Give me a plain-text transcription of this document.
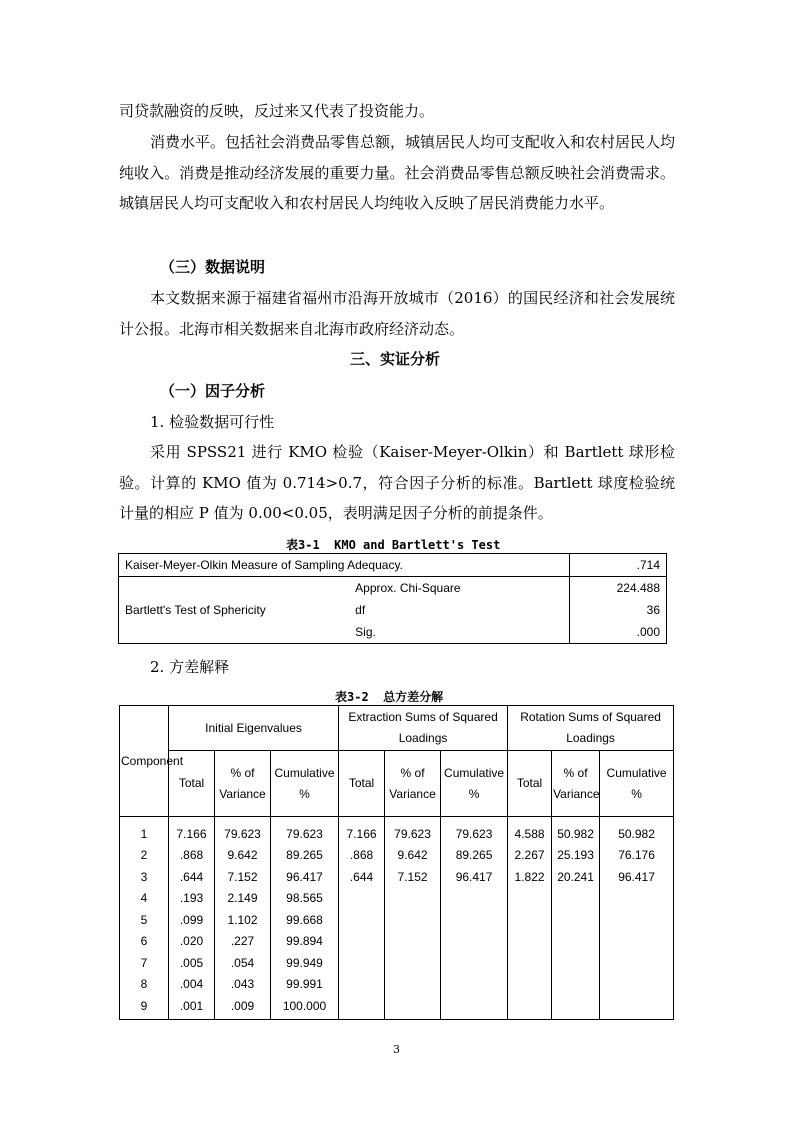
司贷款融资的反映，反过来又代表了投资能力。

消费水平。包括社会消费品零售总额，城镇居民人均可支配收入和农村居民人均纯收入。消费是推动经济发展的重要力量。社会消费品零售总额反映社会消费需求。城镇居民人均可支配收入和农村居民人均纯收入反映了居民消费能力水平。

（三）数据说明

本文数据来源于福建省福州市沿海开放城市（2016）的国民经济和社会发展统计公报。北海市相关数据来自北海市政府经济动态。

三、实证分析
（一）因子分析

1. 检验数据可行性

采用 SPSS21 进行 KMO 检验（Kaiser-Meyer-Olkin）和 Bartlett 球形检验。计算的 KMO 值为 0.714>0.7，符合因子分析的标准。Bartlett 球度检验统计量的相应 P 值为 0.00<0.05，表明满足因子分析的前提条件。

表3-1  KMO and Bartlett's Test

Kaiser-Meyer-Olkin Measure of Sampling Adequacy.		.714
Bartlett's Test of Sphericity	Approx. Chi-Square	224.488
	df	36
	Sig.	.000

2. 方差解释

表3-2  总方差分解

Component	Initial Eigenvalues			Extraction Sums of Squared Loadings			Rotation Sums of Squared Loadings		
	Total	% of Variance	Cumulative %	Total	% of Variance	Cumulative %	Total	% of Variance	Cumulative %
1	7.166	79.623	79.623	7.166	79.623	79.623	4.588	50.982	50.982
2	.868	9.642	89.265	.868	9.642	89.265	2.267	25.193	76.176
3	.644	7.152	96.417	.644	7.152	96.417	1.822	20.241	96.417
4	.193	2.149	98.565						
5	.099	1.102	99.668						
6	.020	.227	99.894						
7	.005	.054	99.949						
8	.004	.043	99.991						
9	.001	.009	100.000						

3
